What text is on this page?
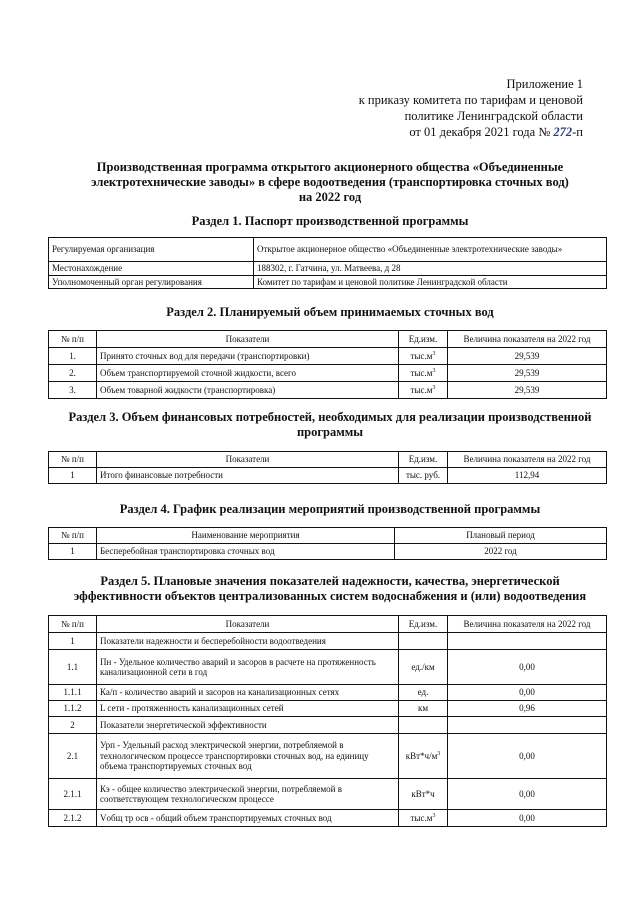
Приложение 1
к приказу комитета по тарифам и ценовой
политике Ленинградской области
от 01 декабря 2021 года № 272-п
Производственная программа открытого акционерного общества «Объединенные
электротехнические заводы» в сфере водоотведения (транспортировка сточных вод)
на 2022 год
Раздел 1. Паспорт производственной программы
Регулируемая организация	Открытое акционерное общество «Объединенные электротехнические заводы»
Местонахождение	188302, г. Гатчина, ул. Матвеева, д 28
Уполномоченный орган регулирования	Комитет по тарифам и ценовой политике Ленинградской области
Раздел 2. Планируемый объем принимаемых сточных вод
№ п/п	Показатели	Ед.изм.	Величина показателя на 2022 год
1.	Принято сточных вод для передачи (транспортировки)	$тыс.м^3$	29,539
2.	Объем транспортируемой сточной жидкости, всего	$тыс.м^3$	29,539
3.	Объем товарной жидкости (транспортировка)	$тыс.м^3$	29,539
Раздел 3. Объем финансовых потребностей, необходимых для реализации производственной
программы
№ п/п	Показатели	Ед.изм.	Величина показателя на 2022 год
1	Итого финансовые потребности	тыс. руб.	112,94
Раздел 4. График реализации мероприятий производственной программы
№ п/п	Наименование мероприятия	Плановый период
1	Бесперебойная транспортировка сточных вод	2022 год
Раздел 5. Плановые значения показателей надежности, качества, энергетической
эффективности объектов централизованных систем водоснабжения и (или) водоотведения
№ п/п	Показатели	Ед.изм.	Величина показателя на 2022 год
1	Показатели надежности и бесперебойности водоотведения		
1.1	Пн - Удельное количество аварий и засоров в расчете на протяженность канализационной сети в год	ед./км	0,00
1.1.1	Ка/п - количество аварий и засоров на канализационных сетях	ед.	0,00
1.1.2	L сети - протяженность канализационных сетей	км	0,96
2	Показатели энергетической эффективности		
2.1	Урп - Удельный расход электрической энергии, потребляемой в технологическом процессе транспортировки сточных вод, на единицу объема транспортируемых сточных вод	$кВт*ч/м^3$	0,00
2.1.1	Кэ - общее количество электрической энергии, потребляемой в соответствующем технологическом процессе	кВт*ч	0,00
2.1.2	Vобщ тр осв - общий объем транспортируемых сточных вод	$тыс.м^3$	0,00
